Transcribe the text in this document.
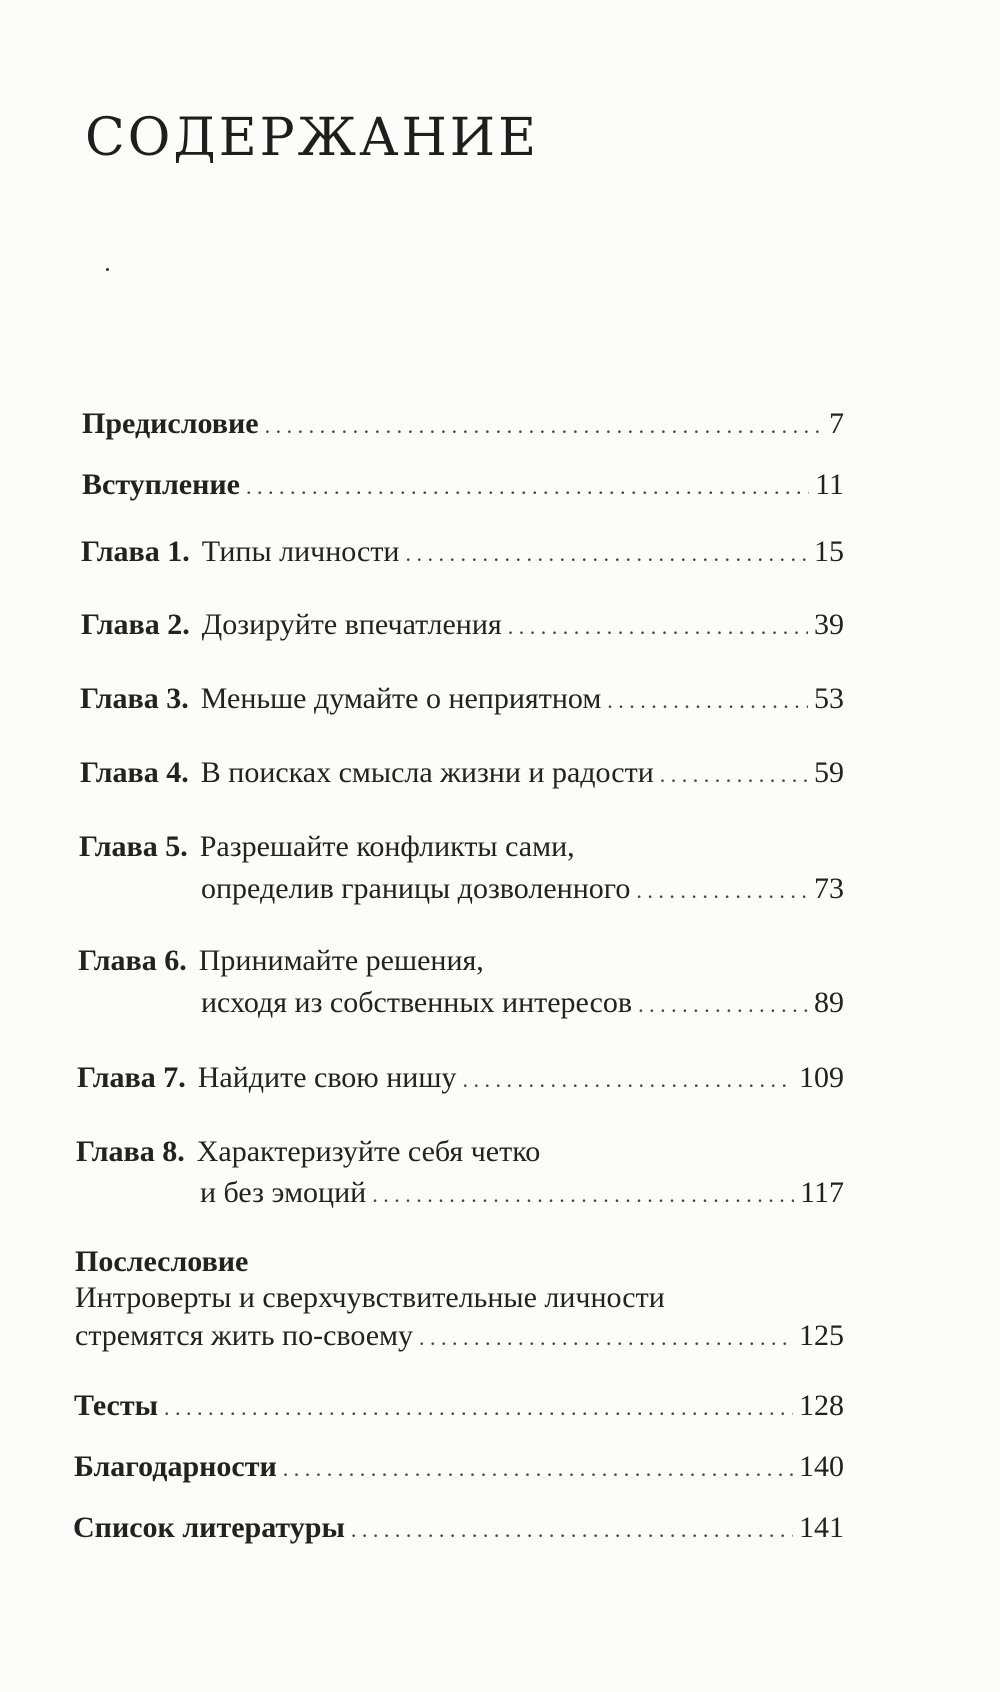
СОДЕРЖАНИЕ
Предисловие . . .	7
Вступление . . .	11
Глава 1. Типы личности . . .	15
Глава 2. Дозируйте впечатления . . .	39
Глава 3. Меньше думайте о неприятном . . .	53
Глава 4. В поисках смысла жизни и радости . . .	59
Глава 5. Разрешайте конфликты сами,
определив границы дозволенного . . .	73
Глава 6. Принимайте решения,
исходя из собственных интересов . . .	89
Глава 7. Найдите свою нишу . . .	109
Глава 8. Характеризуйте себя четко
и без эмоций . . .	117
Послесловие
Интроверты и сверхчувствительные личности
стремятся жить по-своему . . .	125
Тесты . . .	128
Благодарности . . .	140
Список литературы . . .	141
